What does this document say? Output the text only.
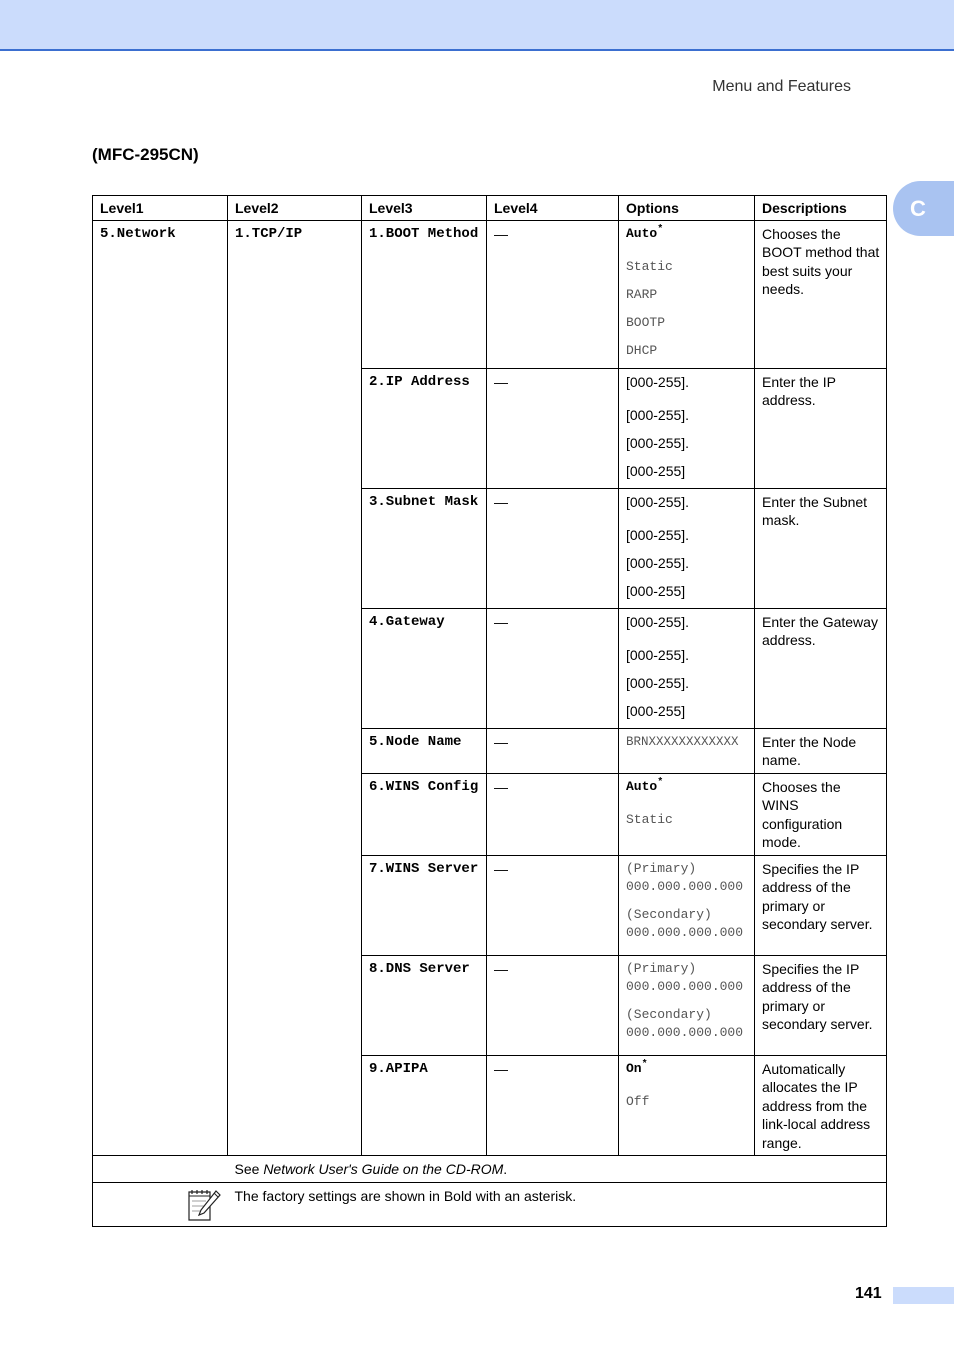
Menu and Features
(MFC-295CN)
C
Level1	Level2	Level3	Level4	Options	Descriptions
5.Network	1.TCP/IP	1.BOOT Method	—	Auto*
Static
RARP
BOOTP
DHCP	Chooses the BOOT method that best suits your needs.
		2.IP Address	—	[000-255].
[000-255].
[000-255].
[000-255]	Enter the IP address.
		3.Subnet Mask	—	[000-255].
[000-255].
[000-255].
[000-255]	Enter the Subnet mask.
		4.Gateway	—	[000-255].
[000-255].
[000-255].
[000-255]	Enter the Gateway address.
		5.Node Name	—	BRNXXXXXXXXXXXX	Enter the Node name.
		6.WINS Config	—	Auto*
Static	Chooses the WINS configuration mode.
		7.WINS Server	—	(Primary)
000.000.000.000
(Secondary)
000.000.000.000	Specifies the IP address of the primary or secondary server.
		8.DNS Server	—	(Primary)
000.000.000.000
(Secondary)
000.000.000.000	Specifies the IP address of the primary or secondary server.
		9.APIPA	—	On*
Off	Automatically allocates the IP address from the link-local address range.
	See Network User's Guide on the CD-ROM.				
	The factory settings are shown in Bold with an asterisk.				
141
